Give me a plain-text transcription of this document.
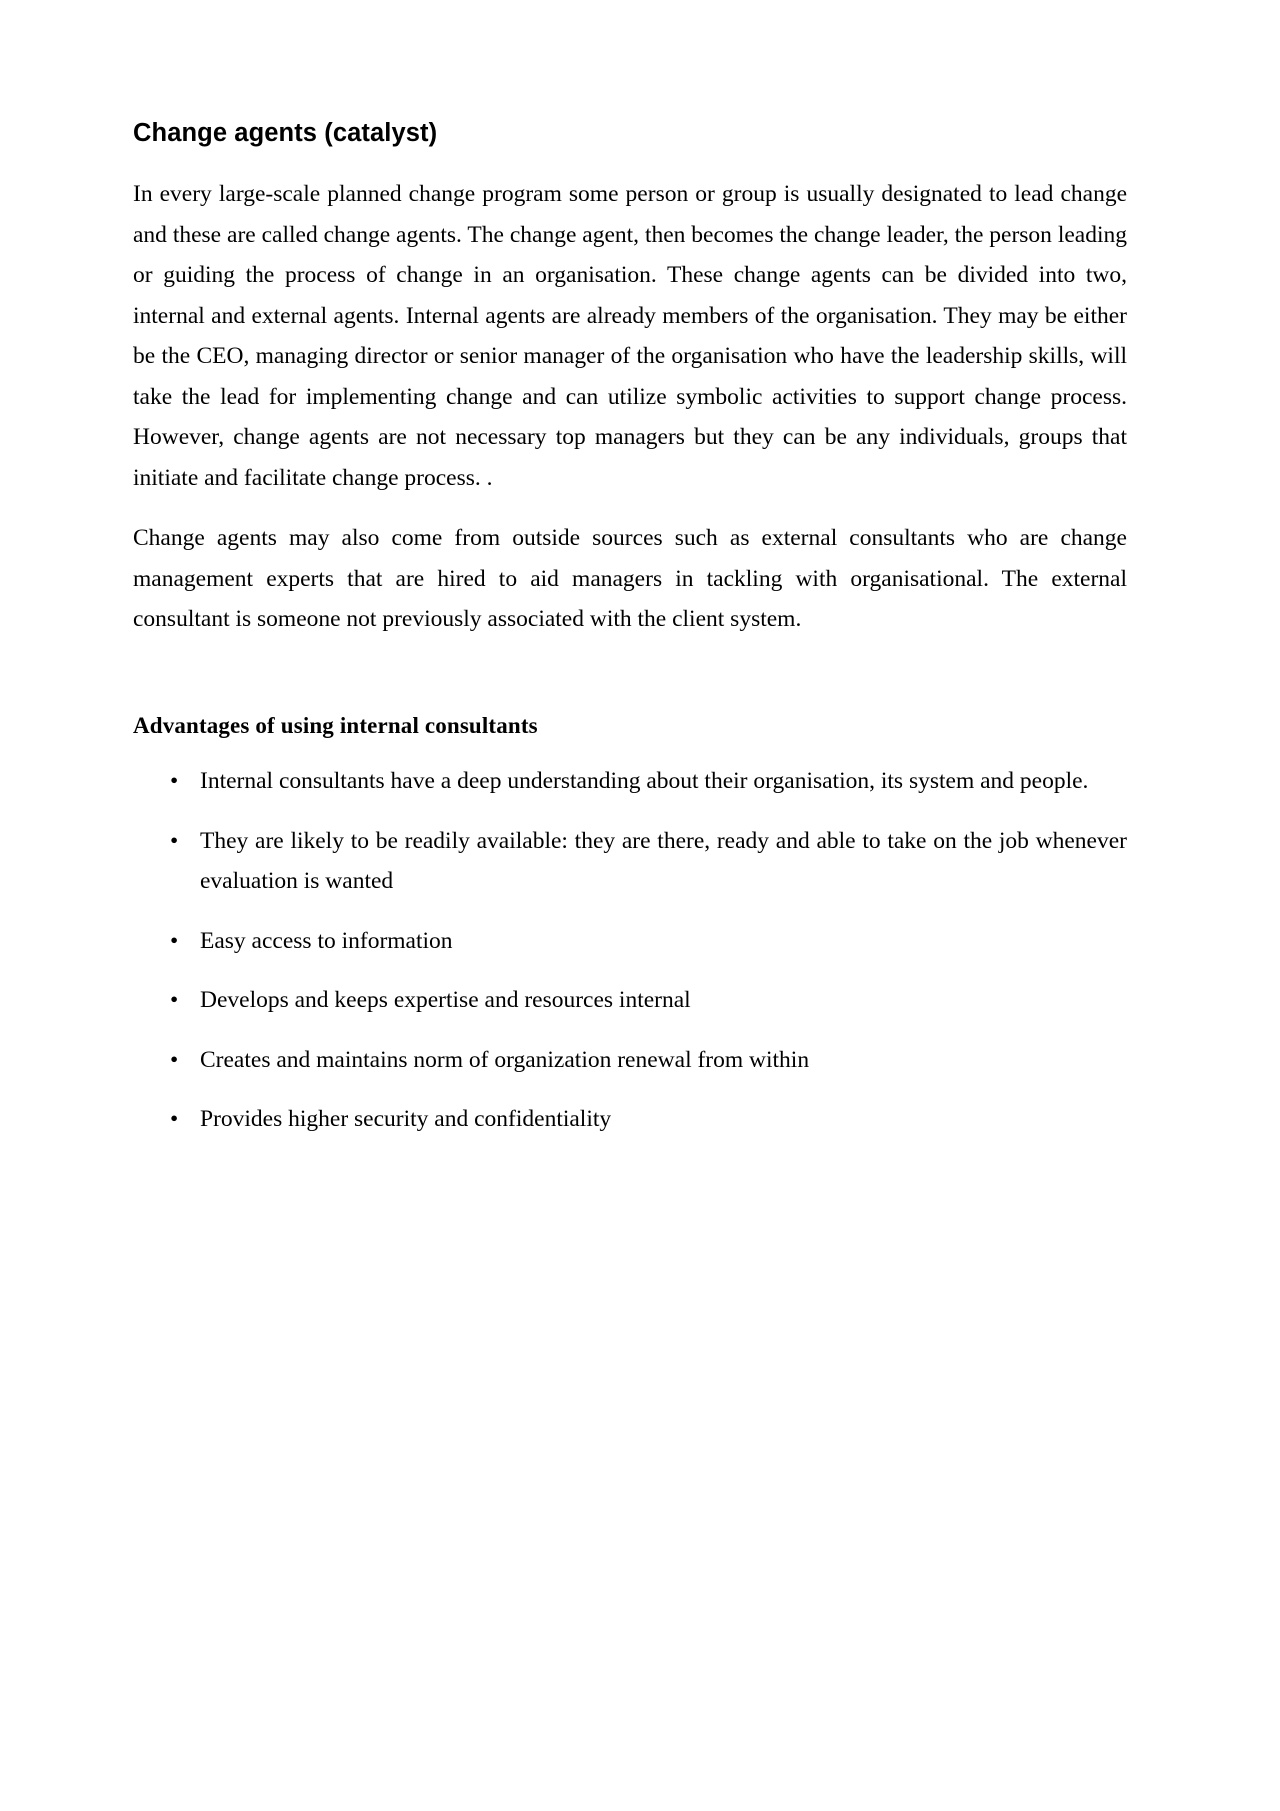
Change agents (catalyst)

In every large-scale planned change program some person or group is usually designated to lead change and these are called change agents. The change agent, then becomes the change leader, the person leading or guiding the process of change in an organisation. These change agents can be divided into two, internal and external agents. Internal agents are already members of the organisation. They may be either be the CEO, managing director or senior manager of the organisation who have the leadership skills, will take the lead for implementing change and can utilize symbolic activities to support change process. However, change agents are not necessary top managers but they can be any individuals, groups that initiate and facilitate change process. .

Change agents may also come from outside sources such as external consultants who are change management experts that are hired to aid managers in tackling with organisational. The external consultant is someone not previously associated with the client system.

Advantages of using internal consultants
• Internal consultants have a deep understanding about their organisation, its system and people.
• They are likely to be readily available: they are there, ready and able to take on the job whenever evaluation is wanted
• Easy access to information
• Develops and keeps expertise and resources internal
• Creates and maintains norm of organization renewal from within
• Provides higher security and confidentiality
